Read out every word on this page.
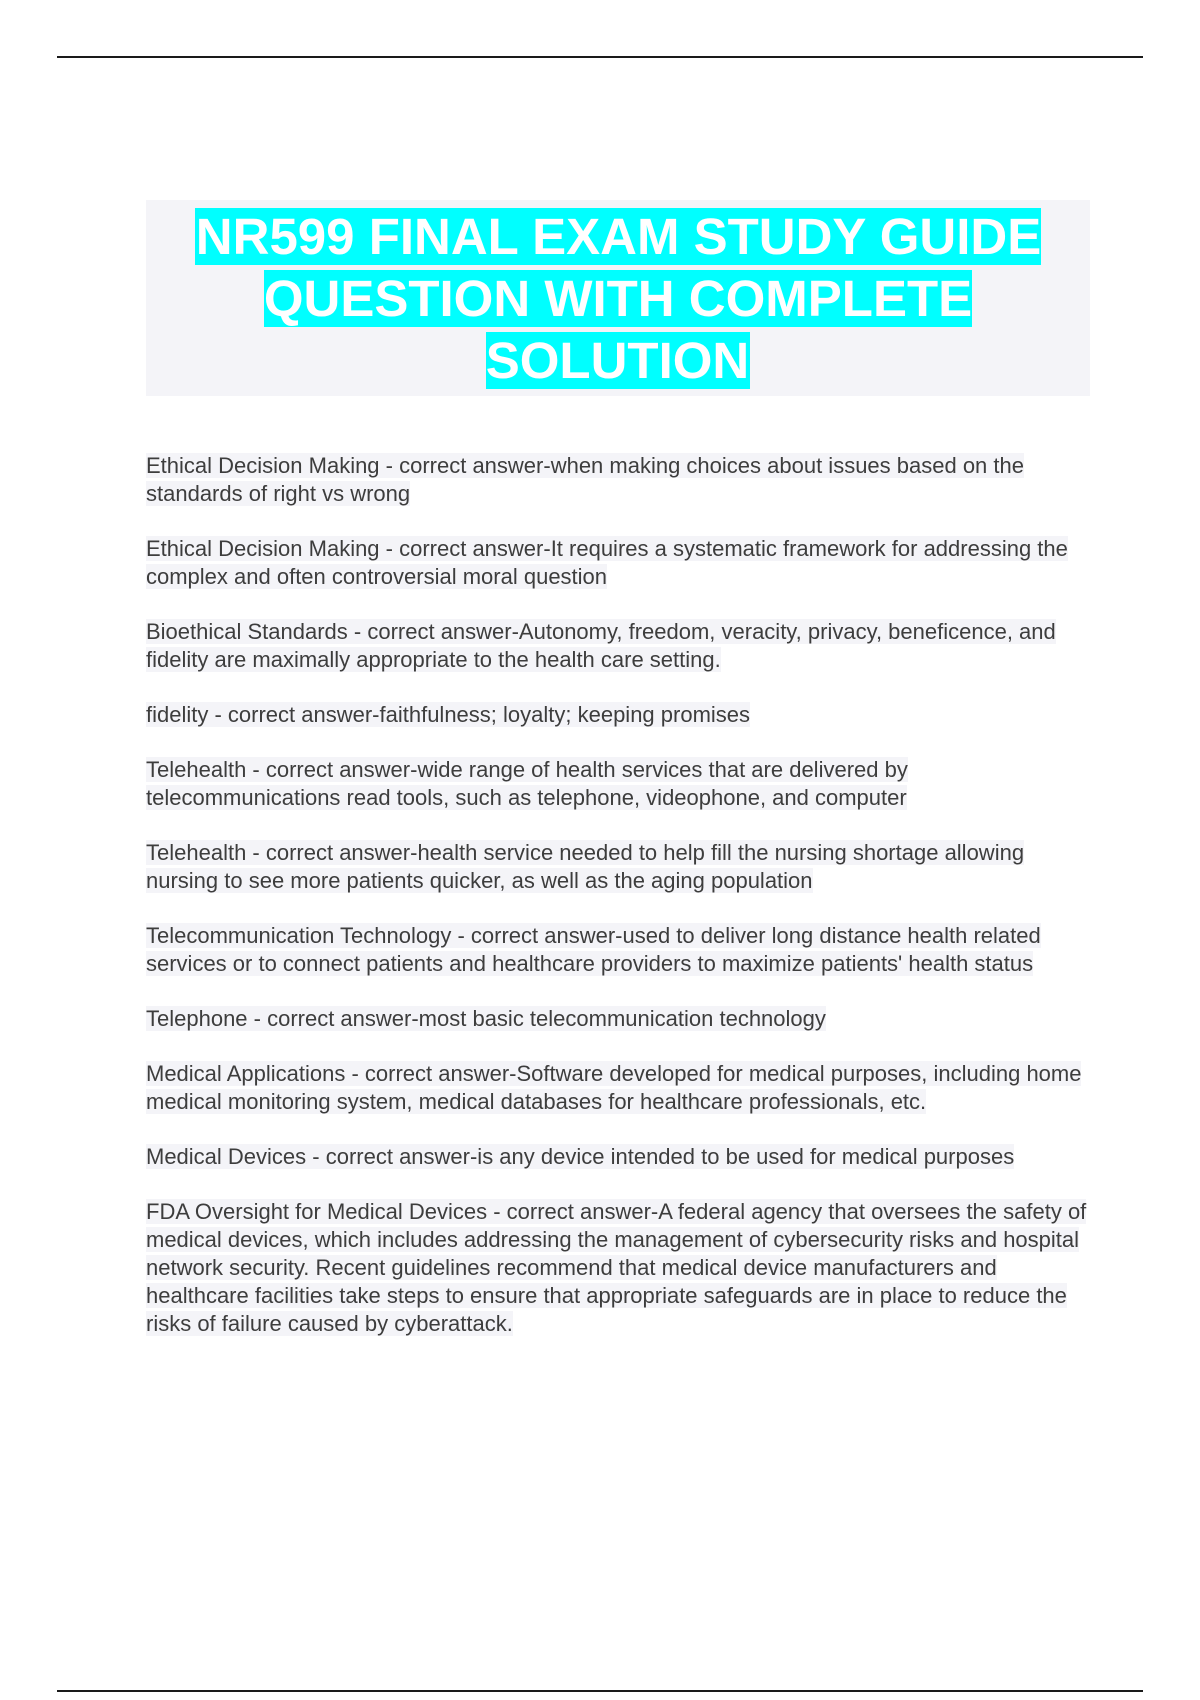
NR599 FINAL EXAM STUDY GUIDE QUESTION WITH COMPLETE SOLUTION

Ethical Decision Making - correct answer-when making choices about issues based on the standards of right vs wrong

Ethical Decision Making - correct answer-It requires a systematic framework for addressing the complex and often controversial moral question

Bioethical Standards - correct answer-Autonomy, freedom, veracity, privacy, beneficence, and fidelity are maximally appropriate to the health care setting.

fidelity - correct answer-faithfulness; loyalty; keeping promises

Telehealth - correct answer-wide range of health services that are delivered by telecommunications read tools, such as telephone, videophone, and computer

Telehealth - correct answer-health service needed to help fill the nursing shortage allowing nursing to see more patients quicker, as well as the aging population

Telecommunication Technology - correct answer-used to deliver long distance health related services or to connect patients and healthcare providers to maximize patients' health status

Telephone - correct answer-most basic telecommunication technology

Medical Applications - correct answer-Software developed for medical purposes, including home medical monitoring system, medical databases for healthcare professionals, etc.

Medical Devices - correct answer-is any device intended to be used for medical purposes

FDA Oversight for Medical Devices - correct answer-A federal agency that oversees the safety of medical devices, which includes addressing the management of cybersecurity risks and hospital network security. Recent guidelines recommend that medical device manufacturers and healthcare facilities take steps to ensure that appropriate safeguards are in place to reduce the risks of failure caused by cyberattack.
